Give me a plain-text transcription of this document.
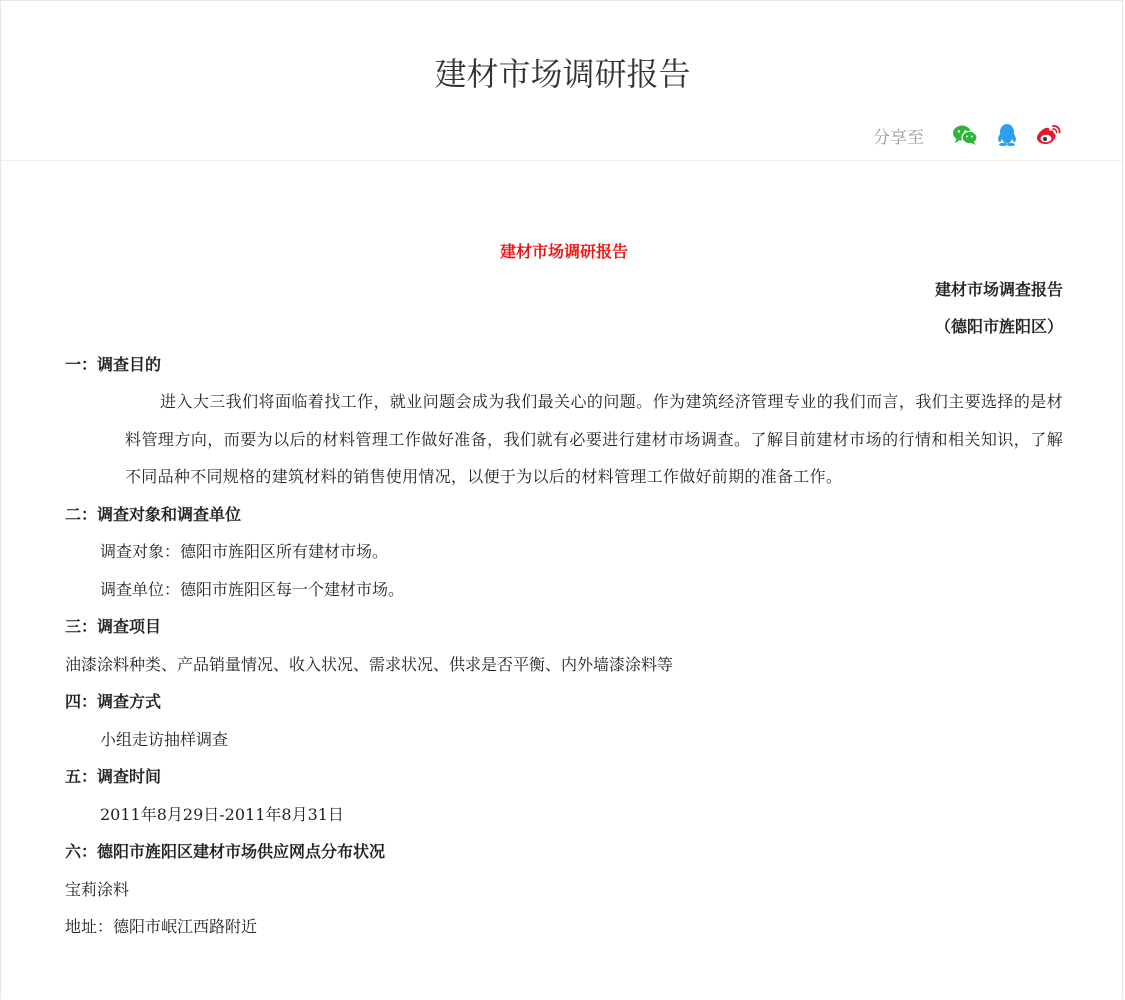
建材市场调研报告
分享至
建材市场调研报告
建材市场调查报告
（德阳市旌阳区）
一：调查目的
进入大三我们将面临着找工作，就业问题会成为我们最关心的问题。作为建筑经济管理专业的我们而言，我们主要选择的是材料管理方向，而要为以后的材料管理工作做好准备，我们就有必要进行建材市场调查。了解目前建材市场的行情和相关知识，了解不同品种不同规格的建筑材料的销售使用情况，以便于为以后的材料管理工作做好前期的准备工作。
二：调查对象和调查单位
调查对象：德阳市旌阳区所有建材市场。
调查单位：德阳市旌阳区每一个建材市场。
三：调查项目
油漆涂料种类、产品销量情况、收入状况、需求状况、供求是否平衡、内外墙漆涂料等
四：调查方式
小组走访抽样调查
五：调查时间
2011年8月29日-2011年8月31日
六：德阳市旌阳区建材市场供应网点分布状况
宝莉涂料
地址：德阳市岷江西路附近
